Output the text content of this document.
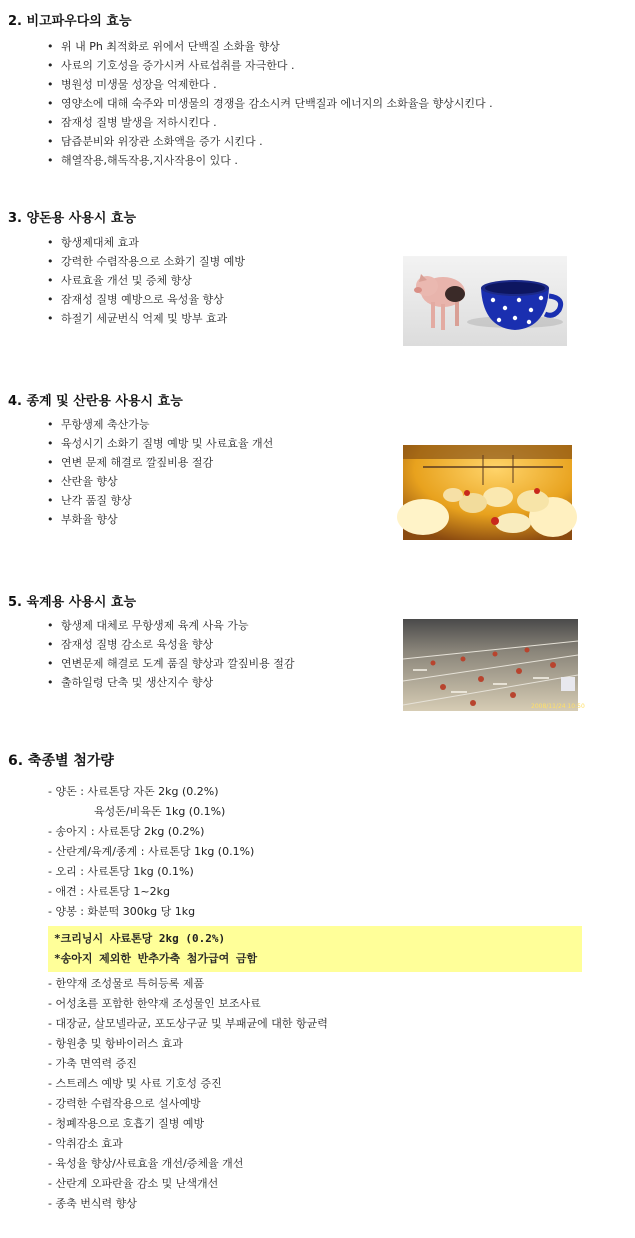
2. 비고파우다의 효능
• 위 내 Ph 최적화로 위에서 단백질 소화율 향상
• 사료의 기호성을 증가시켜 사료섭취를 자극한다 .
• 병원성 미생물 성장을 억제한다 .
• 영양소에 대해 숙주와 미생물의 경쟁을 감소시켜 단백질과 에너지의 소화율을 향상시킨다 .
• 잠재성 질병 발생을 저하시킨다 .
• 담즙분비와 위장관 소화액을 증가 시킨다 .
• 해열작용,해독작용,지사작용이 있다 .
3. 양돈용 사용시 효능
• 항생제대체 효과
• 강력한 수렴작용으로 소화기 질병 예방
• 사료효율 개선 및 증체 향상
• 잠재성 질병 예방으로 육성율 향상
• 하절기 세균번식 억제 및 방부 효과
4. 종계 및 산란용 사용시 효능
• 무항생제 축산가능
• 육성시기 소화기 질병 예방 및 사료효율 개선
• 연변 문제 해결로 깔짚비용 절감
• 산란율 향상
• 난각 품질 향상
• 부화율 향상
5. 육계용 사용시 효능
• 항생제 대체로 무항생제 육계 사육 가능
• 잠재성 질병 감소로 육성율 향상
• 연변문제 해결로 도계 품질 향상과 깔짚비용 절감
• 출하일령 단축 및 생산지수 향상
2008/11/24 10:50
6. 축종별 첨가량
- 양돈 : 사료톤당 자돈 2kg (0.2%)
육성돈/비육돈 1kg (0.1%)
- 송아지 : 사료톤당 2kg (0.2%)
- 산란계/육계/종계 : 사료톤당 1kg (0.1%)
- 오리 : 사료톤당 1kg (0.1%)
- 애견 : 사료톤당 1~2kg
- 양봉 : 화분떡 300kg 당 1kg
*크리닝시 사료톤당 2kg (0.2%)
*송아지 제외한 반추가축 첨가급여 금함
- 한약재 조성물로 특허등록 제품
- 어성초를 포함한 한약재 조성물인 보조사료
- 대장균, 살모넬라균, 포도상구균 및 부패균에 대한 항균력
- 항원충 및 항바이러스 효과
- 가축 면역력 증진
- 스트레스 예방 및 사료 기호성 증진
- 강력한 수렴작용으로 설사예방
- 청폐작용으로 호흡기 질병 예방
- 악취감소 효과
- 육성율 향상/사료효율 개선/증체율 개선
- 산란계 오파란율 감소 및 난색개선
- 종축 번식력 향상
